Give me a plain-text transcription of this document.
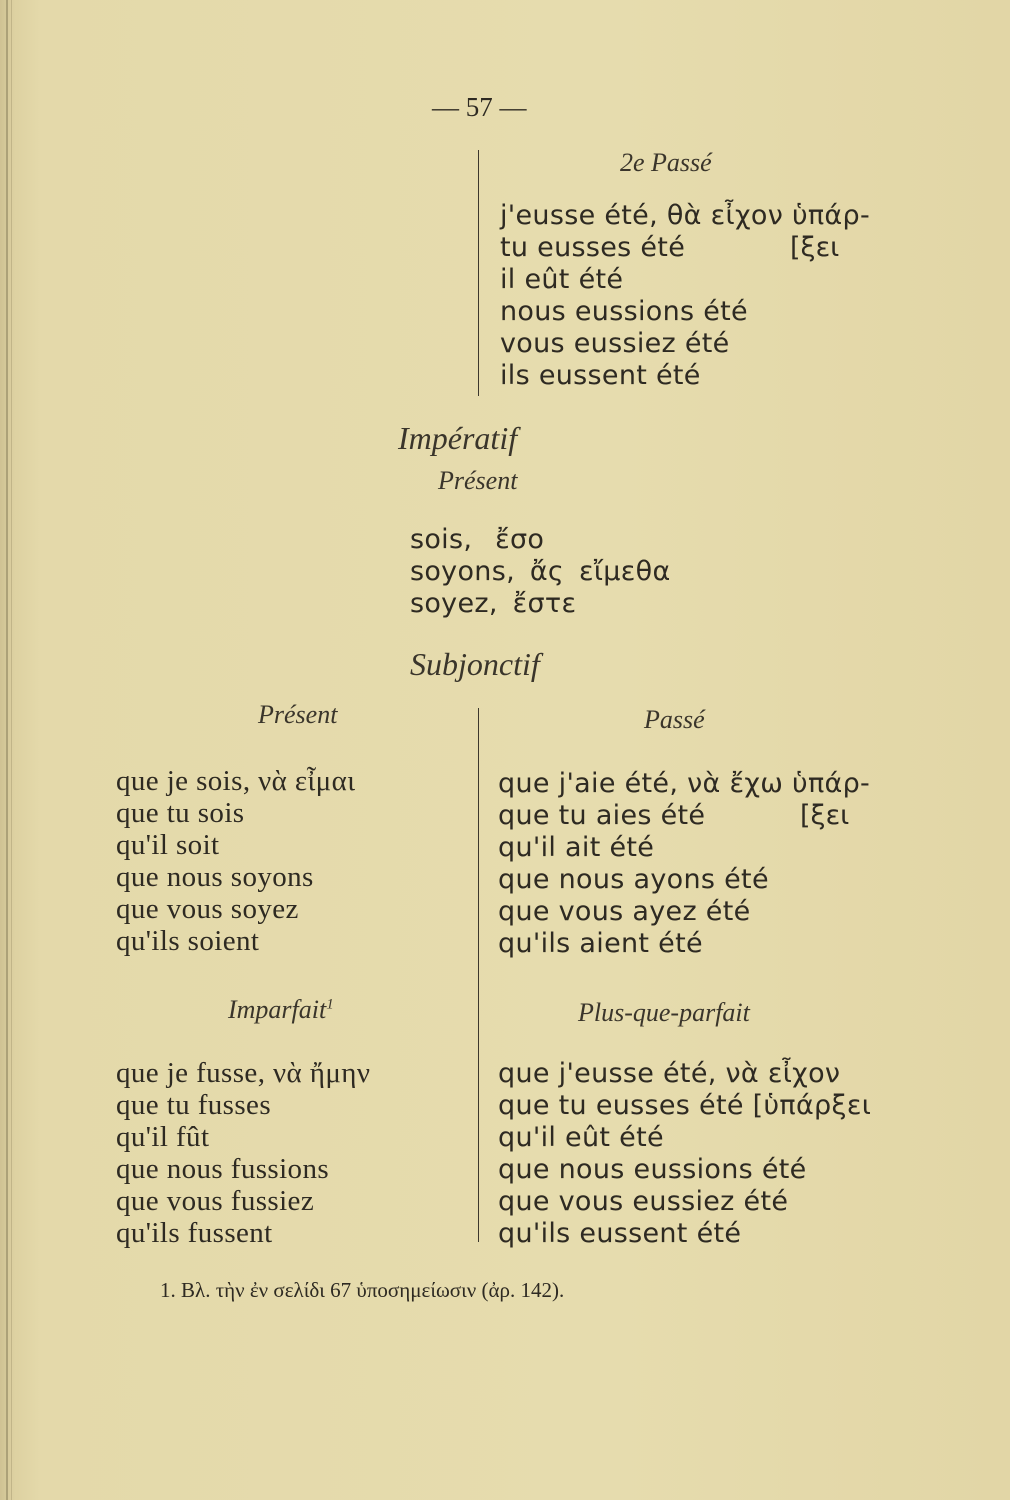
— 57 —
2e Passé
j'eusse été, θὰ εἶχον ὑπάρ-
tu eusses été
il eût été
nous eussions été
vous eussiez été
ils eussent été
[ξει
Impératif
Présent
sois, ἔσο
soyons, ἄς εἴμεθα
soyez, ἔστε
Subjonctif
Présent
que je sois, νὰ εἶμαι
que tu sois
qu'il soit
que nous soyons
que vous soyez
qu'ils soient
Passé
que j'aie été, νὰ ἔχω ὑπάρ-
que tu aies été
qu'il ait été
que nous ayons été
que vous ayez été
qu'ils aient été
[ξει
Imparfait$^1$
que je fusse, νὰ ἤμην
que tu fusses
qu'il fût
que nous fussions
que vous fussiez
qu'ils fussent
Plus-que-parfait
que j'eusse été, νὰ εἶχον
que tu eusses été [ὑπάρξει
qu'il eût été
que nous eussions été
que vous eussiez été
qu'ils eussent été
1. Βλ. τὴν ἐν σελίδι 67 ὑποσημείωσιν (ἀρ. 142).
